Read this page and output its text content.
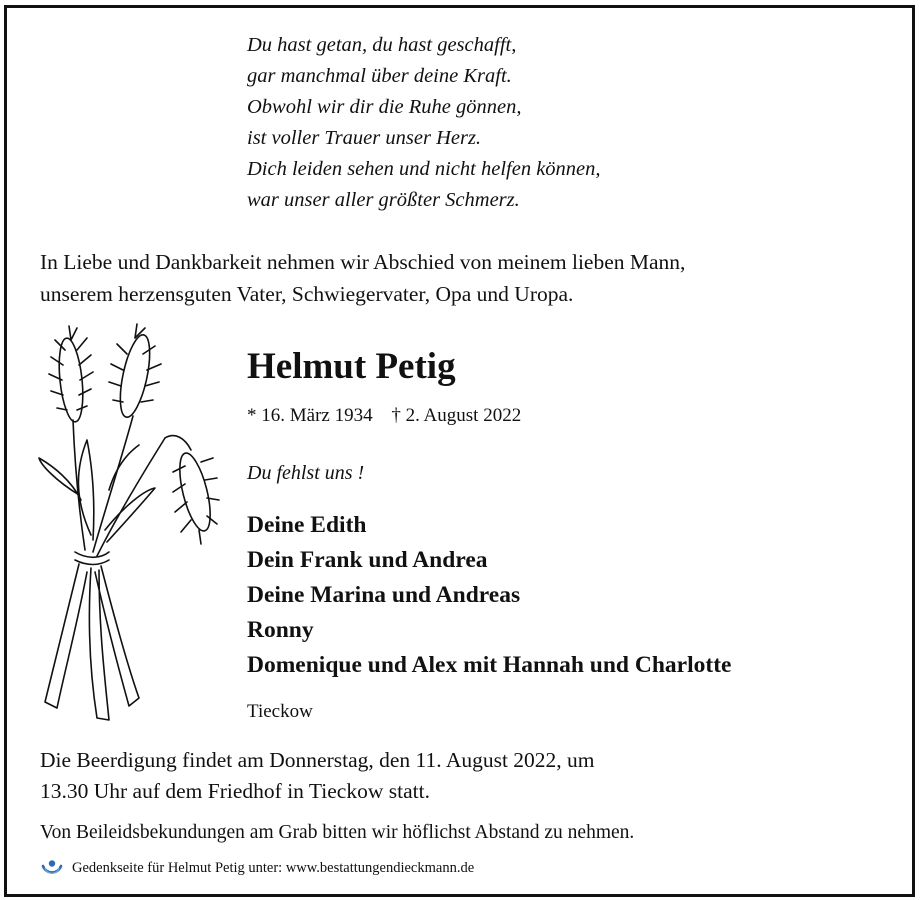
Du hast getan, du hast geschafft,
gar manchmal über deine Kraft.
Obwohl wir dir die Ruhe gönnen,
ist voller Trauer unser Herz.
Dich leiden sehen und nicht helfen können,
war unser aller größter Schmerz.
In Liebe und Dankbarkeit nehmen wir Abschied von meinem lieben Mann,
unserem herzensguten Vater, Schwiegervater, Opa und Uropa.
Helmut Petig
* 16. März 1934 † 2. August 2022
Du fehlst uns !
Deine Edith
Dein Frank und Andrea
Deine Marina und Andreas
Ronny
Domenique und Alex mit Hannah und Charlotte
Tieckow
Die Beerdigung findet am Donnerstag, den 11. August 2022, um
13.30 Uhr auf dem Friedhof in Tieckow statt.
Von Beileidsbekundungen am Grab bitten wir höflichst Abstand zu nehmen.
Gedenkseite für Helmut Petig unter: www.bestattungendieckmann.de
